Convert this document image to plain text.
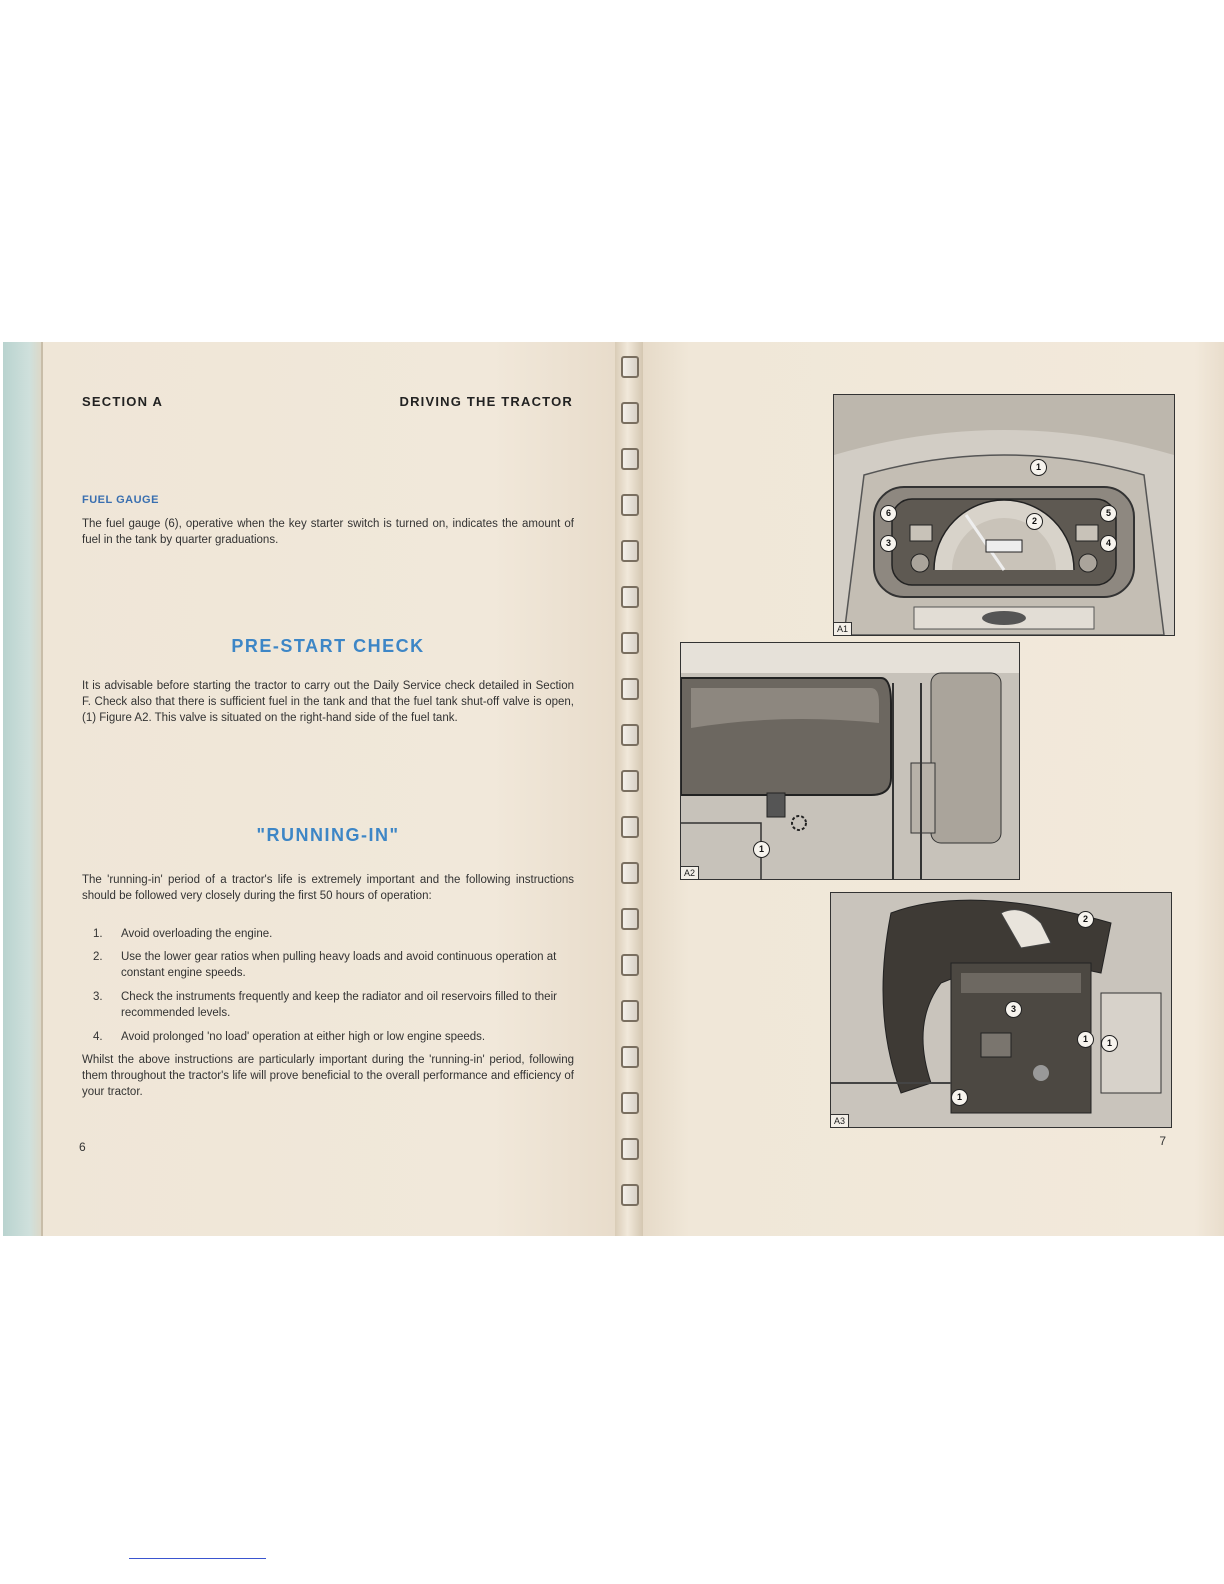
SECTION A	DRIVING THE TRACTOR
FUEL GAUGE

The fuel gauge (6), operative when the key starter switch is turned on, indicates the amount of fuel in the tank by quarter graduations.

PRE-START CHECK

It is advisable before starting the tractor to carry out the Daily Service check detailed in Section F. Check also that there is sufficient fuel in the tank and that the fuel tank shut-off valve is open, (1) Figure A2. This valve is situated on the right-hand side of the fuel tank.

"RUNNING-IN"

The 'running-in' period of a tractor's life is extremely important and the following instructions should be followed very closely during the first 50 hours of operation:

1.	Avoid overloading the engine.
2.	Use the lower gear ratios when pulling heavy loads and avoid continuous operation at constant engine speeds.
3.	Check the instruments frequently and keep the radiator and oil reservoirs filled to their recommended levels.
4.	Avoid prolonged 'no load' operation at either high or low engine speeds.

Whilst the above instructions are particularly important during the 'running-in' period, following them throughout the tractor's life will prove beneficial to the overall performance and efficiency of your tractor.

6
1
2
3	4
5
6
A1
1
A2
2
3
1	1
1
A3
7
